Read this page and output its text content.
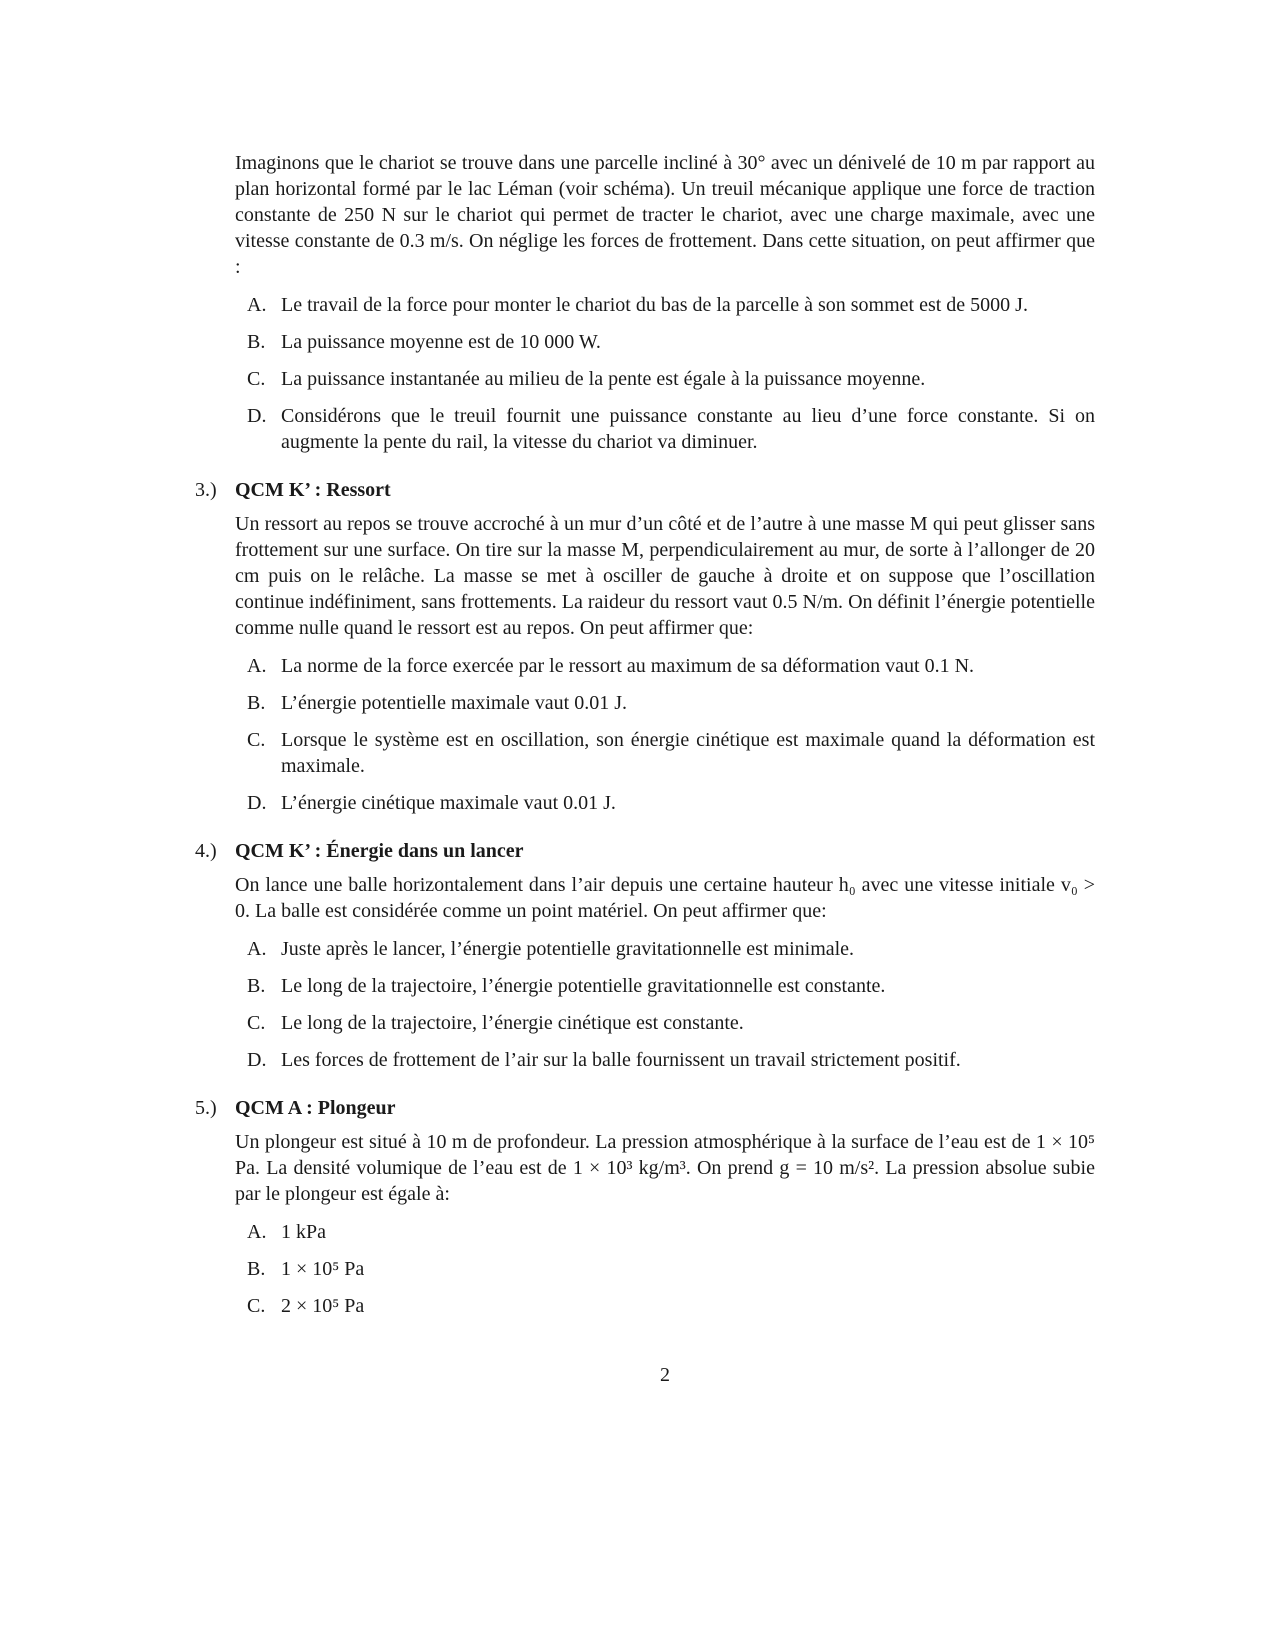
Imaginons que le chariot se trouve dans une parcelle incliné à 30° avec un dénivelé de 10 m par rapport au plan horizontal formé par le lac Léman (voir schéma). Un treuil mécanique applique une force de traction constante de 250 N sur le chariot qui permet de tracter le chariot, avec une charge maximale, avec une vitesse constante de 0.3 m/s. On néglige les forces de frottement. Dans cette situation, on peut affirmer que :

A. Le travail de la force pour monter le chariot du bas de la parcelle à son sommet est de 5000 J.
B. La puissance moyenne est de 10 000 W.
C. La puissance instantanée au milieu de la pente est égale à la puissance moyenne.
D. Considérons que le treuil fournit une puissance constante au lieu d’une force constante. Si on augmente la pente du rail, la vitesse du chariot va diminuer.
3.) QCM K’ : Ressort

Un ressort au repos se trouve accroché à un mur d’un côté et de l’autre à une masse M qui peut glisser sans frottement sur une surface. On tire sur la masse M, perpendiculairement au mur, de sorte à l’allonger de 20 cm puis on le relâche. La masse se met à osciller de gauche à droite et on suppose que l’oscillation continue indéfiniment, sans frottements. La raideur du ressort vaut 0.5 N/m. On définit l’énergie potentielle comme nulle quand le ressort est au repos. On peut affirmer que:

A. La norme de la force exercée par le ressort au maximum de sa déformation vaut 0.1 N.
B. L’énergie potentielle maximale vaut 0.01 J.
C. Lorsque le système est en oscillation, son énergie cinétique est maximale quand la déformation est maximale.
D. L’énergie cinétique maximale vaut 0.01 J.
4.) QCM K’ : Énergie dans un lancer

On lance une balle horizontalement dans l’air depuis une certaine hauteur h₀ avec une vitesse initiale v₀ > 0. La balle est considérée comme un point matériel. On peut affirmer que:

A. Juste après le lancer, l’énergie potentielle gravitationnelle est minimale.
B. Le long de la trajectoire, l’énergie potentielle gravitationnelle est constante.
C. Le long de la trajectoire, l’énergie cinétique est constante.
D. Les forces de frottement de l’air sur la balle fournissent un travail strictement positif.
5.) QCM A : Plongeur

Un plongeur est situé à 10 m de profondeur. La pression atmosphérique à la surface de l’eau est de 1 × 10⁵ Pa. La densité volumique de l’eau est de 1 × 10³ kg/m³. On prend g = 10 m/s². La pression absolue subie par le plongeur est égale à:

A. 1 kPa
B. 1 × 10⁵ Pa
C. 2 × 10⁵ Pa
2
